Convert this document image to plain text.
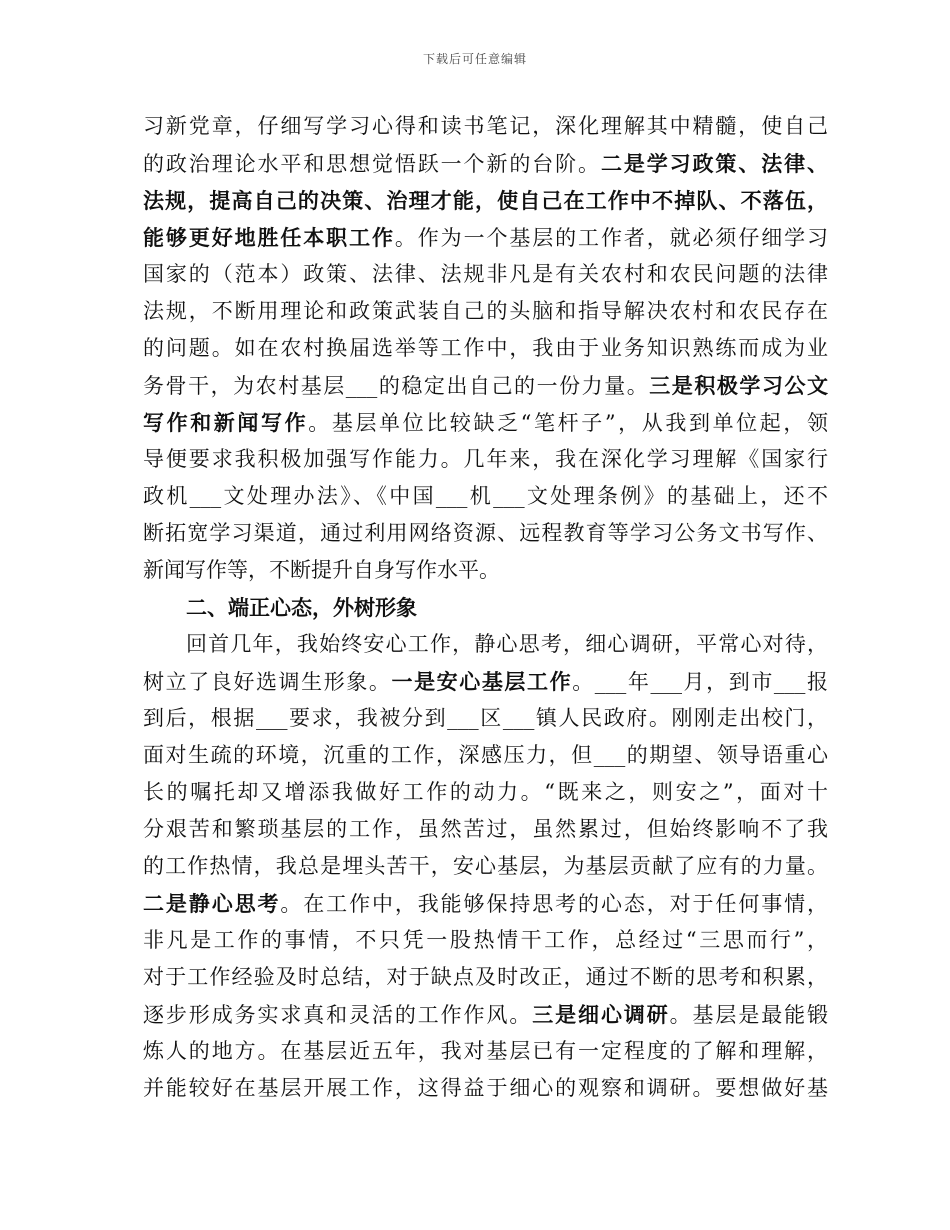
下载后可任意编辑
习新党章，仔细写学习心得和读书笔记，深化理解其中精髓，使自己
的政治理论水平和思想觉悟跃一个新的台阶。二是学习政策、法律、
法规，提高自己的决策、治理才能，使自己在工作中不掉队、不落伍，
能够更好地胜任本职工作。作为一个基层的工作者，就必须仔细学习
国家的（范本）政策、法律、法规非凡是有关农村和农民问题的法律
法规，不断用理论和政策武装自己的头脑和指导解决农村和农民存在
的问题。如在农村换届选举等工作中，我由于业务知识熟练而成为业
务骨干，为农村基层___的稳定出自己的一份力量。三是积极学习公文
写作和新闻写作。基层单位比较缺乏“笔杆子”，从我到单位起，领
导便要求我积极加强写作能力。几年来，我在深化学习理解《国家行
政机___文处理办法》、《中国___机___文处理条例》的基础上，还不
断拓宽学习渠道，通过利用网络资源、远程教育等学习公务文书写作、
新闻写作等，不断提升自身写作水平。
二、端正心态，外树形象
回首几年，我始终安心工作，静心思考，细心调研，平常心对待，
树立了良好选调生形象。一是安心基层工作。___年___月，到市___报
到后，根据___要求，我被分到___区___镇人民政府。刚刚走出校门，
面对生疏的环境，沉重的工作，深感压力，但___的期望、领导语重心
长的嘱托却又增添我做好工作的动力。“既来之，则安之”，面对十
分艰苦和繁琐基层的工作，虽然苦过，虽然累过，但始终影响不了我
的工作热情，我总是埋头苦干，安心基层，为基层贡献了应有的力量。
二是静心思考。在工作中，我能够保持思考的心态，对于任何事情，
非凡是工作的事情，不只凭一股热情干工作，总经过“三思而行”，
对于工作经验及时总结，对于缺点及时改正，通过不断的思考和积累，
逐步形成务实求真和灵活的工作作风。三是细心调研。基层是最能锻
炼人的地方。在基层近五年，我对基层已有一定程度的了解和理解，
并能较好在基层开展工作，这得益于细心的观察和调研。要想做好基
